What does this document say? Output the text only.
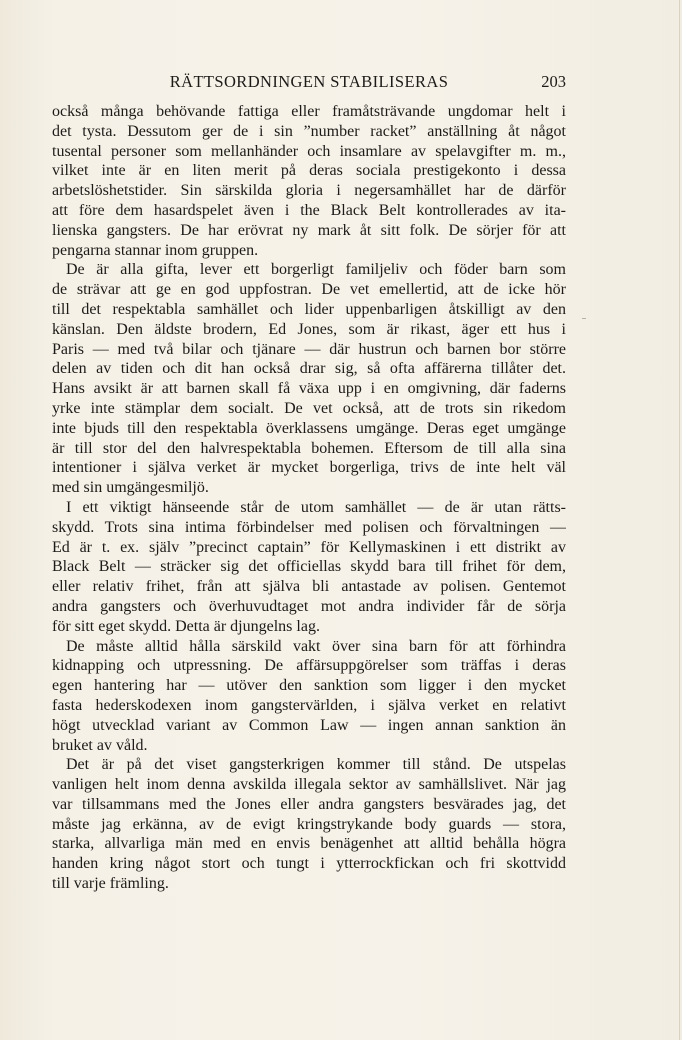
RÄTTSORDNINGEN STABILISERAS	203
också många behövande fattiga eller framåtsträvande ungdomar helt i
det tysta. Dessutom ger de i sin ”number racket” anställning åt något
tusental personer som mellanhänder och insamlare av spelavgifter m. m.,
vilket inte är en liten merit på deras sociala prestigekonto i dessa
arbetslöshetstider. Sin särskilda gloria i negersamhället har de därför
att före dem hasardspelet även i the Black Belt kontrollerades av ita-
lienska gangsters. De har erövrat ny mark åt sitt folk. De sörjer för att
pengarna stannar inom gruppen.
De är alla gifta, lever ett borgerligt familjeliv och föder barn som
de strävar att ge en god uppfostran. De vet emellertid, att de icke hör
till det respektabla samhället och lider uppenbarligen åtskilligt av den
känslan. Den äldste brodern, Ed Jones, som är rikast, äger ett hus i
Paris — med två bilar och tjänare — där hustrun och barnen bor större
delen av tiden och dit han också drar sig, så ofta affärerna tillåter det.
Hans avsikt är att barnen skall få växa upp i en omgivning, där faderns
yrke inte stämplar dem socialt. De vet också, att de trots sin rikedom
inte bjuds till den respektabla överklassens umgänge. Deras eget umgänge
är till stor del den halvrespektabla bohemen. Eftersom de till alla sina
intentioner i själva verket är mycket borgerliga, trivs de inte helt väl
med sin umgängesmiljö.
I ett viktigt hänseende står de utom samhället — de är utan rätts-
skydd. Trots sina intima förbindelser med polisen och förvaltningen —
Ed är t. ex. själv ”precinct captain” för Kellymaskinen i ett distrikt av
Black Belt — sträcker sig det officiellas skydd bara till frihet för dem,
eller relativ frihet, från att själva bli antastade av polisen. Gentemot
andra gangsters och överhuvudtaget mot andra individer får de sörja
för sitt eget skydd. Detta är djungelns lag.
De måste alltid hålla särskild vakt över sina barn för att förhindra
kidnapping och utpressning. De affärsuppgörelser som träffas i deras
egen hantering har — utöver den sanktion som ligger i den mycket
fasta hederskodexen inom gangstervärlden, i själva verket en relativt
högt utvecklad variant av Common Law — ingen annan sanktion än
bruket av våld.
Det är på det viset gangsterkrigen kommer till stånd. De utspelas
vanligen helt inom denna avskilda illegala sektor av samhällslivet. När jag
var tillsammans med the Jones eller andra gangsters besvärades jag, det
måste jag erkänna, av de evigt kringstrykande body guards — stora,
starka, allvarliga män med en envis benägenhet att alltid behålla högra
handen kring något stort och tungt i ytterrockfickan och fri skottvidd
till varje främling.
